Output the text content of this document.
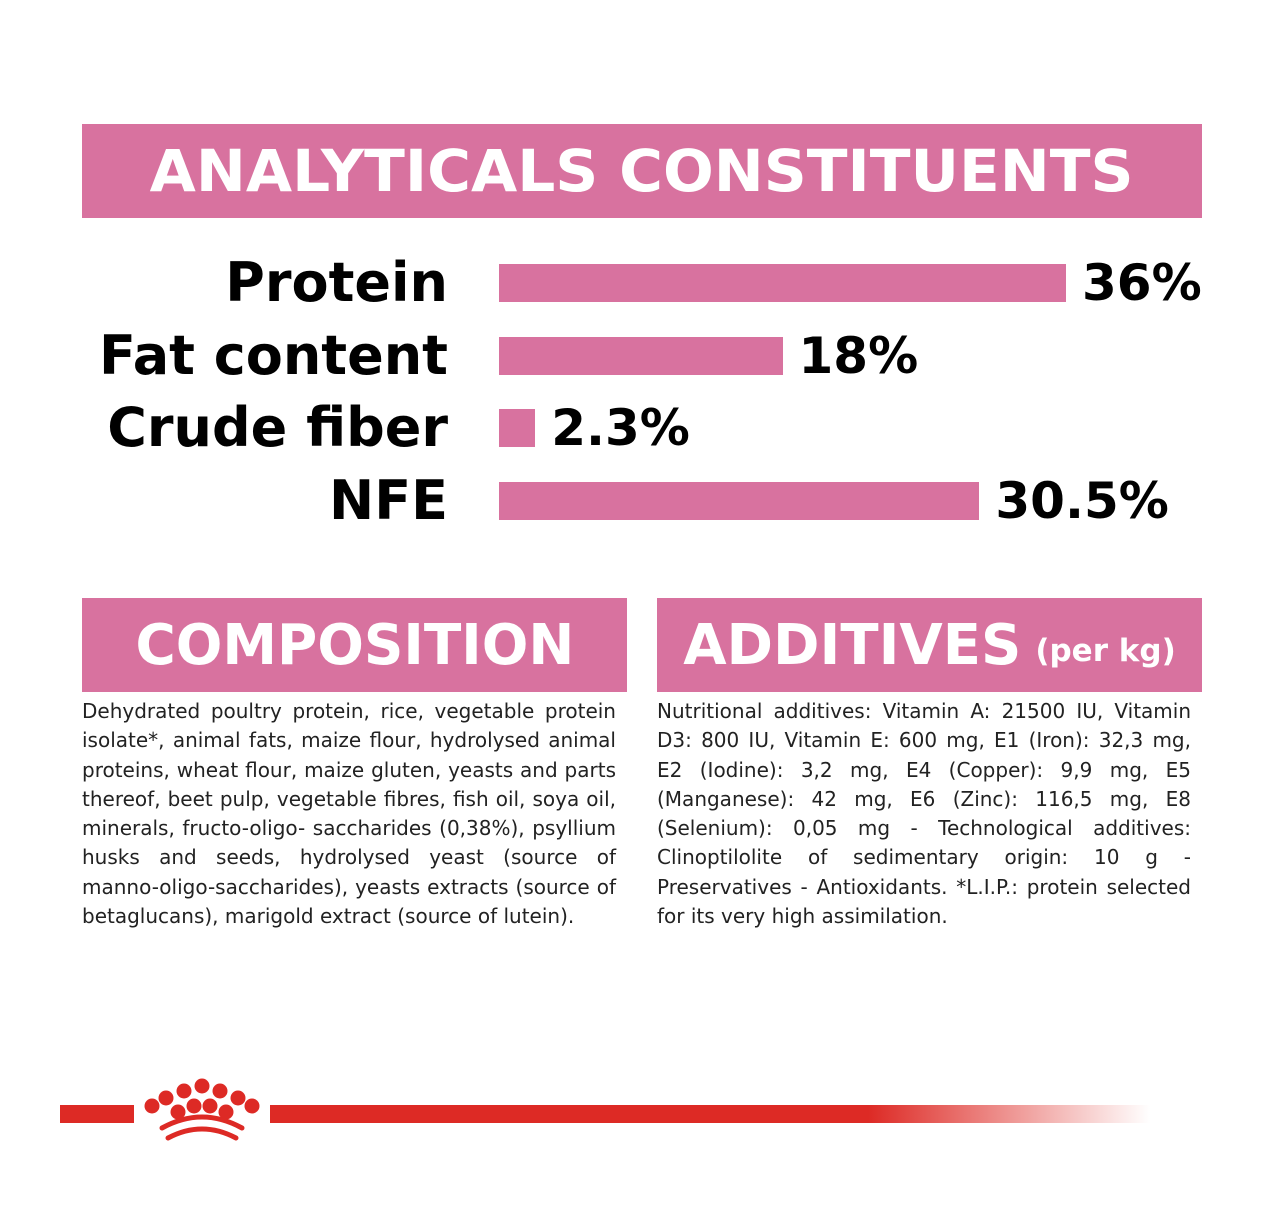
ANALYTICALS CONSTITUENTS
Protein	36%
Fat content	18%
Crude fiber 2.3%
NFE	30.5%
COMPOSITION

Dehydrated poultry protein, rice, vegetable protein isolate*, animal fats, maize flour, hydrolysed animal proteins, wheat flour, maize gluten, yeasts and parts thereof, beet pulp, vegetable fibres, fish oil, soya oil, minerals, fructo-oligo- saccharides (0,38%), psyllium husks and seeds, hydrolysed yeast (source of manno-oligo-saccharides), yeasts extracts (source of betaglucans), marigold extract (source of lutein).

ADDITIVES (per kg)

Nutritional additives: Vitamin A: 21500 IU, Vitamin D3: 800 IU, Vitamin E: 600 mg, E1 (Iron): 32,3 mg, E2 (Iodine): 3,2 mg, E4 (Copper): 9,9 mg, E5 (Manganese): 42 mg, E6 (Zinc): 116,5 mg, E8 (Selenium): 0,05 mg - Technological additives: Clinoptilolite of sedimentary origin: 10 g - Preservatives - Antioxidants. *L.I.P.: protein selected for its very high assimilation.
